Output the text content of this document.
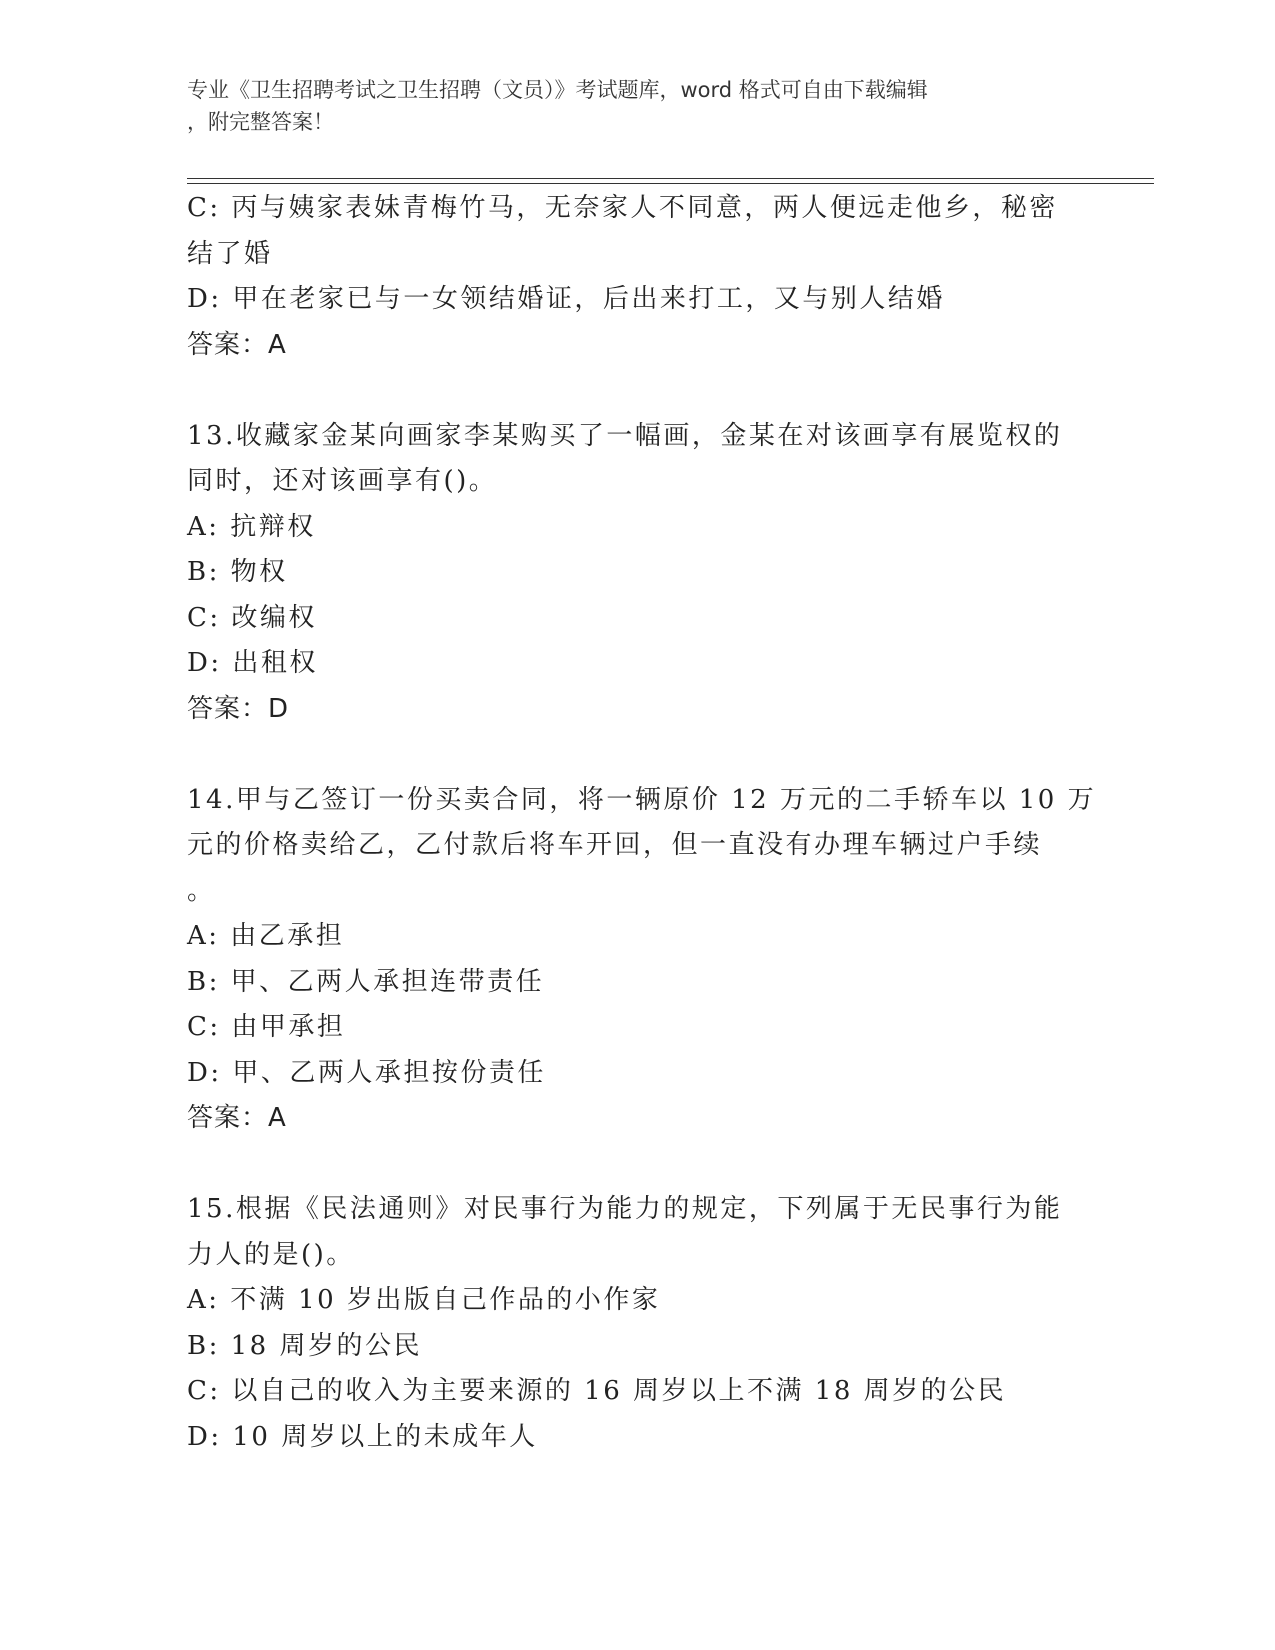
专业《卫生招聘考试之卫生招聘（文员）》考试题库，word 格式可自由下载编辑
，附完整答案！
C: 丙与姨家表妹青梅竹马，无奈家人不同意，两人便远走他乡，秘密
结了婚
D: 甲在老家已与一女领结婚证，后出来打工，又与别人结婚
答案：A
13.收藏家金某向画家李某购买了一幅画，金某在对该画享有展览权的
同时，还对该画享有()。
A: 抗辩权
B: 物权
C: 改编权
D: 出租权
答案：D
14.甲与乙签订一份买卖合同，将一辆原价 12 万元的二手轿车以 10 万
元的价格卖给乙，乙付款后将车开回，但一直没有办理车辆过户手续
。
A: 由乙承担
B: 甲、乙两人承担连带责任
C: 由甲承担
D: 甲、乙两人承担按份责任
答案：A
15.根据《民法通则》对民事行为能力的规定，下列属于无民事行为能
力人的是()。
A: 不满 10 岁出版自己作品的小作家
B: 18 周岁的公民
C: 以自己的收入为主要来源的 16 周岁以上不满 18 周岁的公民
D: 10 周岁以上的未成年人
